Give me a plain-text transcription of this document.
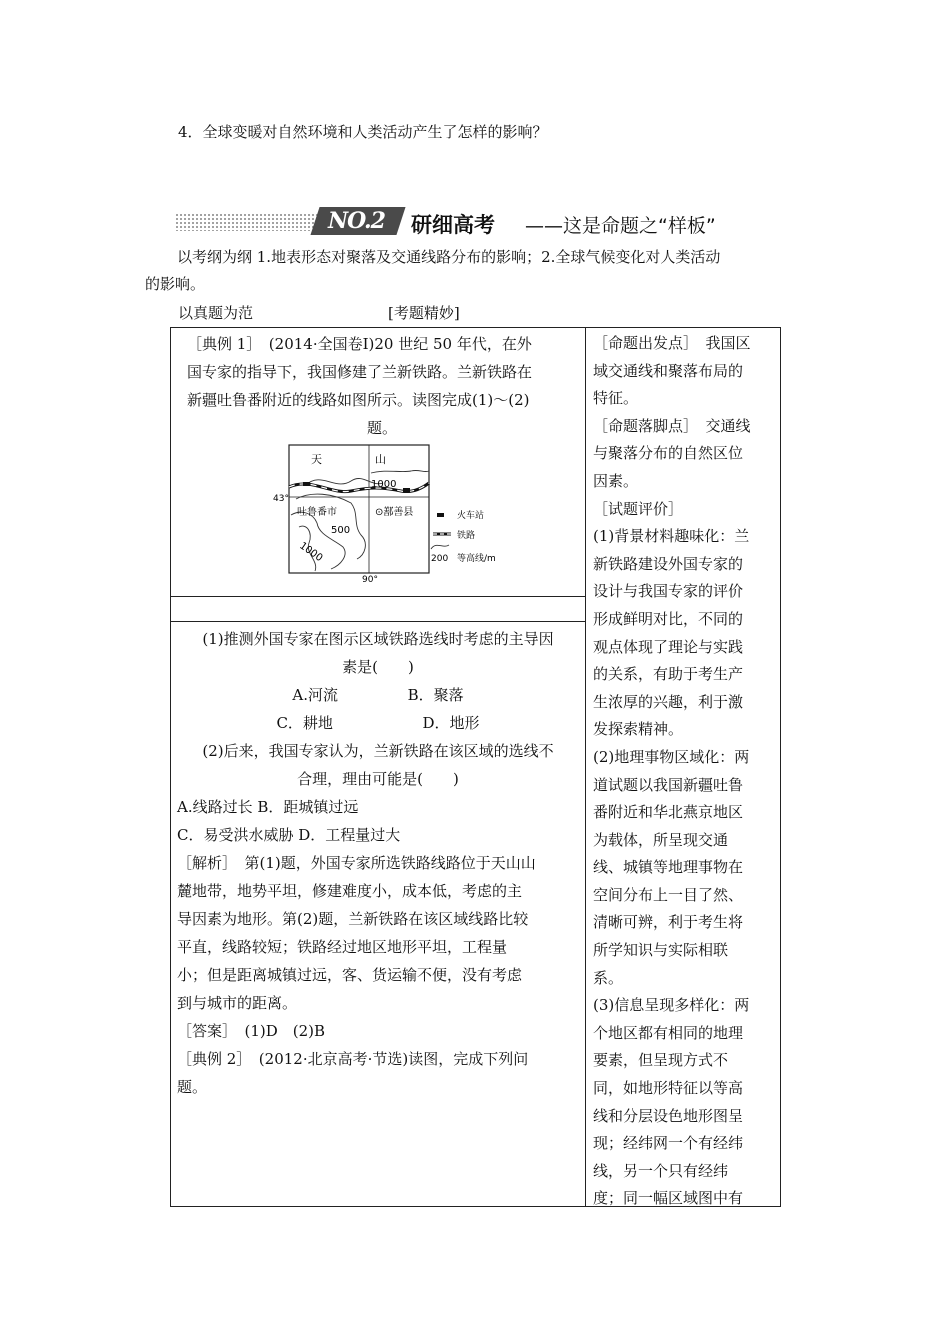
4．全球变暖对自然环境和人类活动产生了怎样的影响？
NO.2 研细高考 ——这是命题之“样板”

以考纲为纲 1.地表形态对聚落及交通线路分布的影响；2.全球气候变化对人类活动

的影响。

以真题为范	[考题精妙]

［典例 1］　(2014·全国卷Ⅰ)20 世纪 50 年代，在外

国专家的指导下，我国修建了兰新铁路。兰新铁路在

新疆吐鲁番附近的线路如图所示。读图完成(1)～(2)

题。

天	山
1000
43°
90°
吐鲁番市	⊙鄯善县
500
1000
火车站
铁路
200 等高线/m

(1)推测外国专家在图示区域铁路选线时考虑的主导因

素是(　　)

A.河流	B．聚落

C．耕地	D．地形

(2)后来，我国专家认为，兰新铁路在该区域的选线不

合理，理由可能是(　　)

A.线路过长 B．距城镇过远

C．易受洪水威胁 D．工程量过大

［解析］　第(1)题，外国专家所选铁路线路位于天山山

麓地带，地势平坦，修建难度小，成本低，考虑的主

导因素为地形。第(2)题，兰新铁路在该区域线路比较

平直，线路较短；铁路经过地区地形平坦，工程量

小；但是距离城镇过远，客、货运输不便，没有考虑

到与城市的距离。

［答案］　(1)D　(2)B

［典例 2］　(2012·北京高考·节选)读图，完成下列问

题。

［命题出发点］　我国区

域交通线和聚落布局的

特征。

［命题落脚点］　交通线

与聚落分布的自然区位

因素。

［试题评价］

(1)背景材料趣味化：兰

新铁路建设外国专家的

设计与我国专家的评价

形成鲜明对比，不同的

观点体现了理论与实践

的关系，有助于考生产

生浓厚的兴趣，利于激

发探索精神。

(2)地理事物区域化：两

道试题以我国新疆吐鲁

番附近和华北燕京地区

为载体，所呈现交通

线、城镇等地理事物在

空间分布上一目了然、

清晰可辨，利于考生将

所学知识与实际相联

系。

(3)信息呈现多样化：两

个地区都有相同的地理

要素，但呈现方式不

同，如地形特征以等高

线和分层设色地形图呈

现；经纬网一个有经纬

线，另一个只有经纬

度；同一幅区域图中有
